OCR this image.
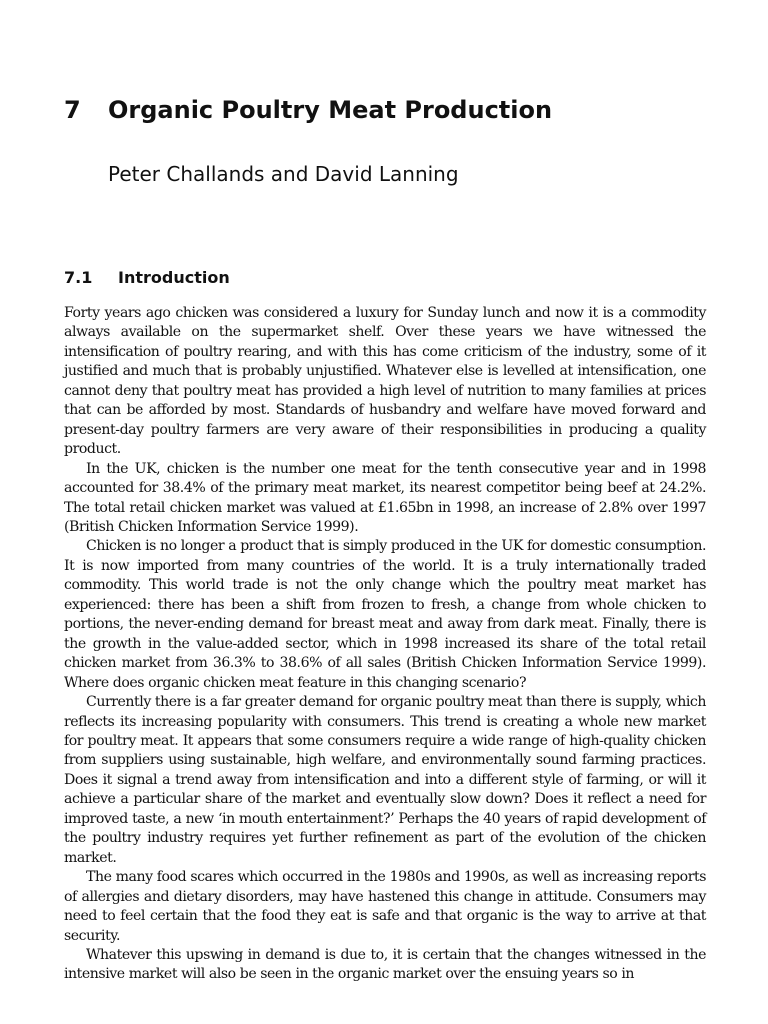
7 Organic Poultry Meat Production

Peter Challands and David Lanning

7.1 Introduction

Forty years ago chicken was considered a luxury for Sunday lunch and now it is a commodity always available on the supermarket shelf. Over these years we have witnessed the intensification of poultry rearing, and with this has come criticism of the industry, some of it justified and much that is probably unjustified. Whatever else is levelled at intensification, one cannot deny that poultry meat has provided a high level of nutrition to many families at prices that can be afforded by most. Standards of husbandry and welfare have moved forward and present-day poultry farmers are very aware of their responsibilities in producing a quality product.

In the UK, chicken is the number one meat for the tenth consecutive year and in 1998 accounted for 38.4% of the primary meat market, its nearest competitor being beef at 24.2%. The total retail chicken market was valued at £1.65bn in 1998, an increase of 2.8% over 1997 (British Chicken Information Service 1999).

Chicken is no longer a product that is simply produced in the UK for domestic consumption. It is now imported from many countries of the world. It is a truly internationally traded commodity. This world trade is not the only change which the poultry meat market has experienced: there has been a shift from frozen to fresh, a change from whole chicken to portions, the never-ending demand for breast meat and away from dark meat. Finally, there is the growth in the value-added sector, which in 1998 increased its share of the total retail chicken market from 36.3% to 38.6% of all sales (British Chicken Information Service 1999). Where does organic chicken meat feature in this changing scenario?

Currently there is a far greater demand for organic poultry meat than there is supply, which reflects its increasing popularity with consumers. This trend is creating a whole new market for poultry meat. It appears that some consumers require a wide range of high-quality chicken from suppliers using sustainable, high welfare, and environmentally sound farming practices. Does it signal a trend away from intensification and into a different style of farming, or will it achieve a particular share of the market and eventually slow down? Does it reflect a need for improved taste, a new ‘in mouth entertainment?’ Perhaps the 40 years of rapid development of the poultry industry requires yet further refinement as part of the evolution of the chicken market.

The many food scares which occurred in the 1980s and 1990s, as well as increasing reports of allergies and dietary disorders, may have hastened this change in attitude. Consumers may need to feel certain that the food they eat is safe and that organic is the way to arrive at that security.

Whatever this upswing in demand is due to, it is certain that the changes witnessed in the intensive market will also be seen in the organic market over the ensuing years so in
